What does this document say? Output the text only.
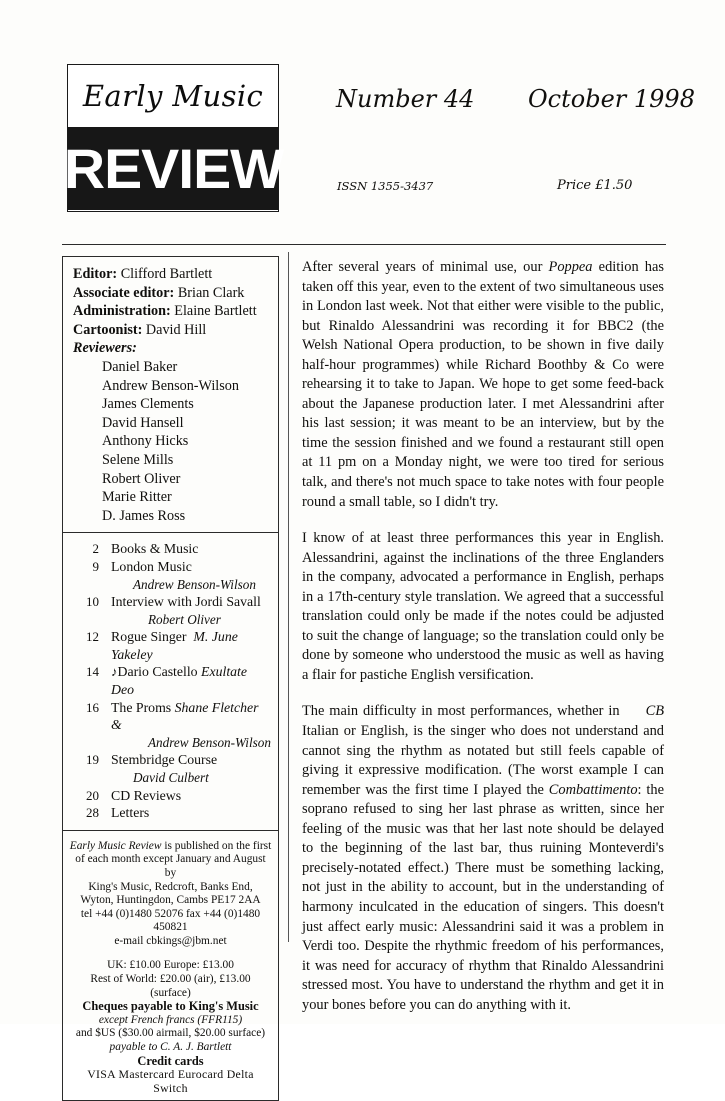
Early Music
REVIEW
Number 44 October 1998
ISSN 1355-3437	Price £1.50
Editor: Clifford Bartlett
Associate editor: Brian Clark
Administration: Elaine Bartlett
Cartoonist: David Hill
Reviewers:
Daniel Baker
Andrew Benson-Wilson
James Clements
David Hansell
Anthony Hicks
Selene Mills
Robert Oliver
Marie Ritter
D. James Ross
2 Books & Music
9 London Music
Andrew Benson-Wilson
10 Interview with Jordi Savall
Robert Oliver
12 Rogue Singer M. June Yakeley
14 ♪Dario Castello Exultate Deo
16 The Proms Shane Fletcher &
Andrew Benson-Wilson
19 Stembridge Course
David Culbert
20 CD Reviews
28 Letters
Early Music Review is published on the first
of each month except January and August by
King's Music, Redcroft, Banks End,
Wyton, Huntingdon, Cambs PE17 2AA
tel +44 (0)1480 52076 fax +44 (0)1480 450821
e-mail cbkings@jbm.net
UK: £10.00 Europe: £13.00
Rest of World: £20.00 (air), £13.00 (surface)
Cheques payable to King's Music
except French francs (FFR115)
and $US ($30.00 airmail, $20.00 surface)
payable to C. A. J. Bartlett
Credit cards
VISA Mastercard Eurocard Delta Switch

After several years of minimal use, our Poppea edition has taken off this year, even to the extent of two simultaneous uses in London last week. Not that either were visible to the public, but Rinaldo Alessandrini was recording it for BBC2 (the Welsh National Opera production, to be shown in five daily half-hour programmes) while Richard Boothby & Co were rehearsing it to take to Japan. We hope to get some feed-back about the Japanese production later. I met Alessandrini after his last session; it was meant to be an interview, but by the time the session finished and we found a restaurant still open at 11 pm on a Monday night, we were too tired for serious talk, and there's not much space to take notes with four people round a small table, so I didn't try.

I know of at least three performances this year in English. Alessandrini, against the inclinations of the three Englanders in the company, advocated a performance in English, perhaps in a 17th-century style translation. We agreed that a successful translation could only be made if the notes could be adjusted to suit the change of language; so the translation could only be done by someone who understood the music as well as having a flair for pastiche English versification.

CB
The main difficulty in most performances, whether in Italian or English, is the singer who does not understand and cannot sing the rhythm as notated but still feels capable of giving it expressive modification. (The worst example I can remember was the first time I played the Combattimento: the soprano refused to sing her last phrase as written, since her feeling of the music was that her last note should be delayed to the beginning of the last bar, thus ruining Monteverdi's precisely-notated effect.) There must be something lacking, not just in the ability to account, but in the understanding of harmony inculcated in the education of singers. This doesn't just affect early music: Alessandrini said it was a problem in Verdi too. Despite the rhythmic freedom of his performances, it was need for accuracy of rhythm that Rinaldo Alessandrini stressed most. You have to understand the rhythm and get it in your bones before you can do anything with it.
